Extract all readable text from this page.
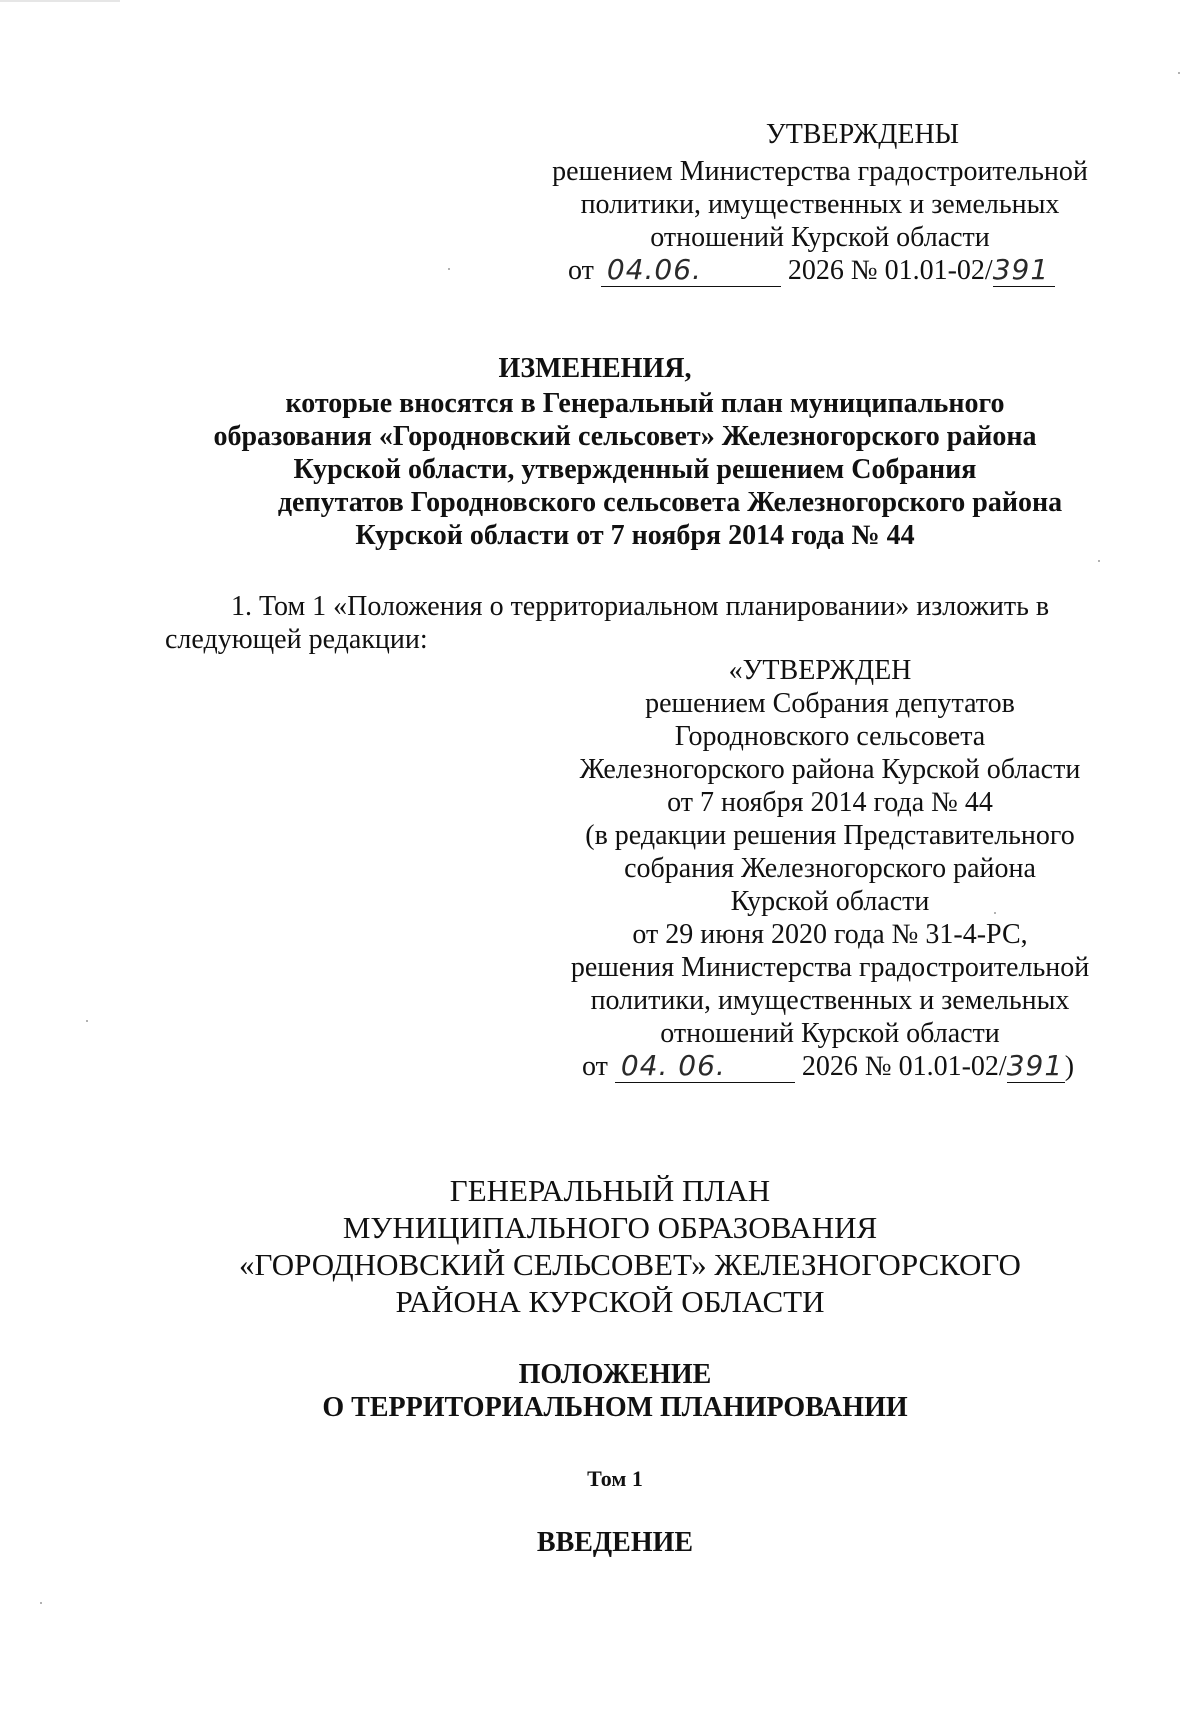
УТВЕРЖДЕНЫ
решением Министерства градостроительной
политики, имущественных и земельных
отношений Курской области
от 04.06.	2026 № 01.01-02/391
ИЗМЕНЕНИЯ,
которые вносятся в Генеральный план муниципального
образования «Городновский сельсовет» Железногорского района
Курской области, утвержденный решением Собрания
депутатов Городновского сельсовета Железногорского района
Курской области от 7 ноября 2014 года № 44
1. Том 1 «Положения о территориальном планировании» изложить в
следующей редакции:
«УТВЕРЖДЕН
решением Собрания депутатов
Городновского сельсовета
Железногорского района Курской области
от 7 ноября 2014 года № 44
(в редакции решения Представительного
собрания Железногорского района
Курской области
от 29 июня 2020 года № 31-4-РС,
решения Министерства градостроительной
политики, имущественных и земельных
отношений Курской области
от 04. 06.	2026 № 01.01-02/391)
ГЕНЕРАЛЬНЫЙ ПЛАН
МУНИЦИПАЛЬНОГО ОБРАЗОВАНИЯ
«ГОРОДНОВСКИЙ СЕЛЬСОВЕТ» ЖЕЛЕЗНОГОРСКОГО
РАЙОНА КУРСКОЙ ОБЛАСТИ
ПОЛОЖЕНИЕ
О ТЕРРИТОРИАЛЬНОМ ПЛАНИРОВАНИИ
Том 1
ВВЕДЕНИЕ
